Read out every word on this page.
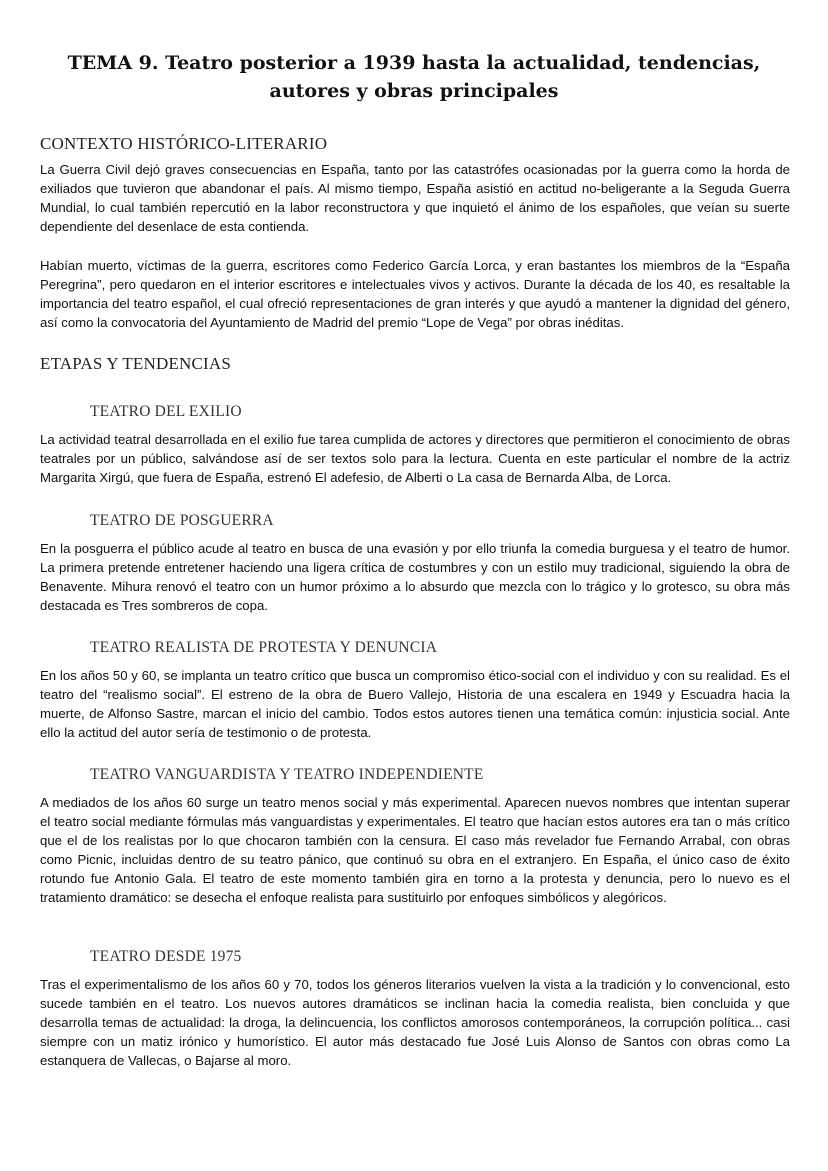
TEMA 9. Teatro posterior a 1939 hasta la actualidad, tendencias,
autores y obras principales
CONTEXTO HISTÓRICO-LITERARIO

La Guerra Civil dejó graves consecuencias en España, tanto por las catastrófes ocasionadas por la guerra como la horda de exiliados que tuvieron que abandonar el país. Al mismo tiempo, España asistió en actitud no-beligerante a la Seguda Guerra Mundial, lo cual también repercutió en la labor reconstructora y que inquietó el ánimo de los españoles, que veían su suerte dependiente del desenlace de esta contienda.

Habían muerto, víctimas de la guerra, escritores como Federico García Lorca, y eran bastantes los miembros de la “España Peregrina”, pero quedaron en el interior escritores e intelectuales vivos y activos. Durante la década de los 40, es resaltable la importancia del teatro español, el cual ofreció representaciones de gran interés y que ayudó a mantener la dignidad del género, así como la convocatoria del Ayuntamiento de Madrid del premio “Lope de Vega” por obras inéditas.

ETAPAS Y TENDENCIAS
TEATRO DEL EXILIO

La actividad teatral desarrollada en el exilio fue tarea cumplida de actores y directores que permitieron el conocimiento de obras teatrales por un público, salvándose así de ser textos solo para la lectura. Cuenta en este particular el nombre de la actriz Margarita Xirgú, que fuera de España, estrenó El adefesio, de Alberti o La casa de Bernarda Alba, de Lorca.

TEATRO DE POSGUERRA

En la posguerra el público acude al teatro en busca de una evasión y por ello triunfa la comedia burguesa y el teatro de humor. La primera pretende entretener haciendo una ligera crítica de costumbres y con un estilo muy tradicional, siguiendo la obra de Benavente. Mihura renovó el teatro con un humor próximo a lo absurdo que mezcla con lo trágico y lo grotesco, su obra más destacada es Tres sombreros de copa.

TEATRO REALISTA DE PROTESTA Y DENUNCIA

En los años 50 y 60, se implanta un teatro crítico que busca un compromiso ético-social con el individuo y con su realidad. Es el teatro del “realismo social”. El estreno de la obra de Buero Vallejo, Historia de una escalera en 1949 y Escuadra hacia la muerte, de Alfonso Sastre, marcan el inicio del cambio. Todos estos autores tienen una temática común: injusticia social. Ante ello la actitud del autor sería de testimonio o de protesta.

TEATRO VANGUARDISTA Y TEATRO INDEPENDIENTE

A mediados de los años 60 surge un teatro menos social y más experimental. Aparecen nuevos nombres que intentan superar el teatro social mediante fórmulas más vanguardistas y experimentales. El teatro que hacían estos autores era tan o más crítico que el de los realistas por lo que chocaron también con la censura. El caso más revelador fue Fernando Arrabal, con obras como Picnic, incluidas dentro de su teatro pánico, que continuó su obra en el extranjero. En España, el único caso de éxito rotundo fue Antonio Gala. El teatro de este momento también gira en torno a la protesta y denuncia, pero lo nuevo es el tratamiento dramático: se desecha el enfoque realista para sustituirlo por enfoques simbólicos y alegóricos.

TEATRO DESDE 1975

Tras el experimentalismo de los años 60 y 70, todos los géneros literarios vuelven la vista a la tradición y lo convencional, esto sucede también en el teatro. Los nuevos autores dramáticos se inclinan hacia la comedia realista, bien concluida y que desarrolla temas de actualidad: la droga, la delincuencia, los conflictos amorosos contemporáneos, la corrupción política... casi siempre con un matiz irónico y humorístico. El autor más destacado fue José Luis Alonso de Santos con obras como La estanquera de Vallecas, o Bajarse al moro.
